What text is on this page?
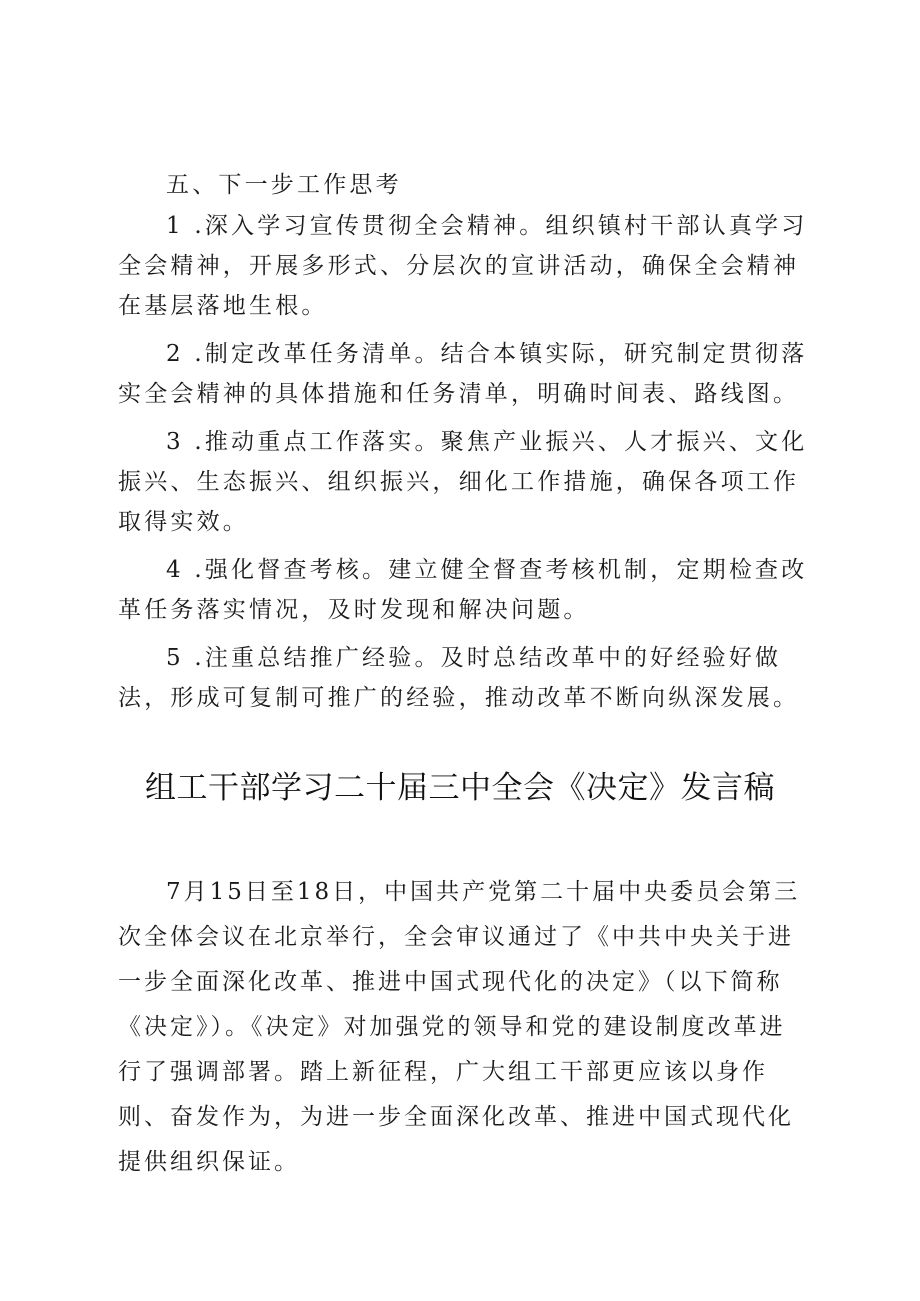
五、下一步工作思考

1 .深入学习宣传贯彻全会精神。组织镇村干部认真学习全会精神，开展多形式、分层次的宣讲活动，确保全会精神在基层落地生根。

2 .制定改革任务清单。结合本镇实际，研究制定贯彻落实全会精神的具体措施和任务清单，明确时间表、路线图。

3 .推动重点工作落实。聚焦产业振兴、人才振兴、文化振兴、生态振兴、组织振兴，细化工作措施，确保各项工作取得实效。

4 .强化督查考核。建立健全督查考核机制，定期检查改革任务落实情况，及时发现和解决问题。

5 .注重总结推广经验。及时总结改革中的好经验好做法，形成可复制可推广的经验，推动改革不断向纵深发展。

组工干部学习二十届三中全会《决定》发言稿

7月15日至18日，中国共产党第二十届中央委员会第三次全体会议在北京举行，全会审议通过了《中共中央关于进一步全面深化改革、推进中国式现代化的决定》（以下简称《决定》）。《决定》对加强党的领导和党的建设制度改革进行了强调部署。踏上新征程，广大组工干部更应该以身作则、奋发作为，为进一步全面深化改革、推进中国式现代化提供组织保证。
